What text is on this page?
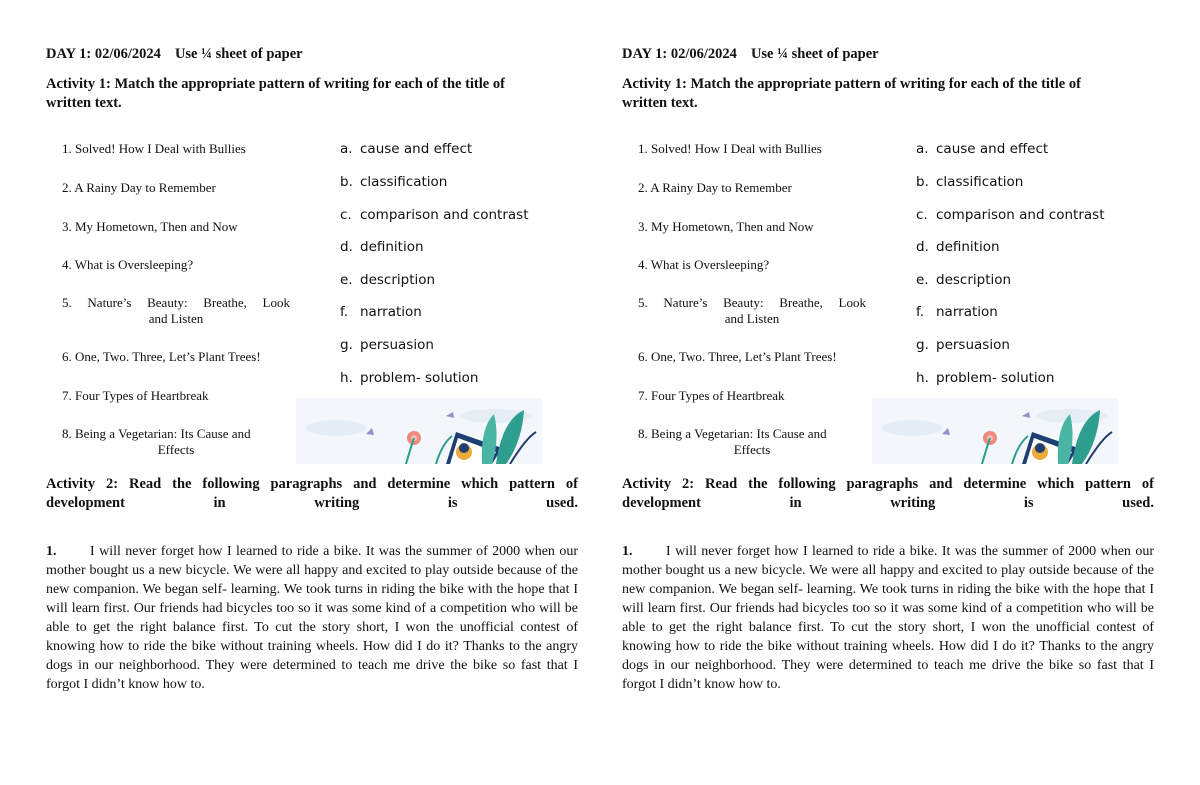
DAY 1: 02/06/2024 Use ¼ sheet of paper
Activity 1: Match the appropriate pattern of writing for each of the title of
written text.
1. Solved! How I Deal with Bullies
2. A Rainy Day to Remember
3. My Hometown, Then and Now
4. What is Oversleeping?
5. Nature’s Beauty: Breathe, Look
and Listen
6. One, Two. Three, Let’s Plant Trees!
7. Four Types of Heartbreak
8. Being a Vegetarian: Its Cause and
Effects
a. cause and effect
b. classification
c. comparison and contrast
d. definition
e. description
f. narration
g. persuasion
h. problem- solution
Activity 2: Read the following paragraphs and determine which pattern of
development	in	writing	is	used.
1. I will never forget how I learned to ride a bike. It was the summer of 2000 when our mother bought us a new bicycle. We were all happy and excited to play outside because of the new companion. We began self- learning. We took turns in riding the bike with the hope that I will learn first. Our friends had bicycles too so it was some kind of a competition who will be able to get the right balance first. To cut the story short, I won the unofficial contest of knowing how to ride the bike without training wheels. How did I do it? Thanks to the angry dogs in our neighborhood. They were determined to teach me drive the bike so fast that I forgot I didn’t know how to.
DAY 1: 02/06/2024 Use ¼ sheet of paper
Activity 1: Match the appropriate pattern of writing for each of the title of
written text.
1. Solved! How I Deal with Bullies
2. A Rainy Day to Remember
3. My Hometown, Then and Now
4. What is Oversleeping?
5. Nature’s Beauty: Breathe, Look
and Listen
6. One, Two. Three, Let’s Plant Trees!
7. Four Types of Heartbreak
8. Being a Vegetarian: Its Cause and
Effects
a. cause and effect
b. classification
c. comparison and contrast
d. definition
e. description
f. narration
g. persuasion
h. problem- solution
Activity 2: Read the following paragraphs and determine which pattern of
development	in	writing	is	used.
1. I will never forget how I learned to ride a bike. It was the summer of 2000 when our mother bought us a new bicycle. We were all happy and excited to play outside because of the new companion. We began self- learning. We took turns in riding the bike with the hope that I will learn first. Our friends had bicycles too so it was some kind of a competition who will be able to get the right balance first. To cut the story short, I won the unofficial contest of knowing how to ride the bike without training wheels. How did I do it? Thanks to the angry dogs in our neighborhood. They were determined to teach me drive the bike so fast that I forgot I didn’t know how to.
